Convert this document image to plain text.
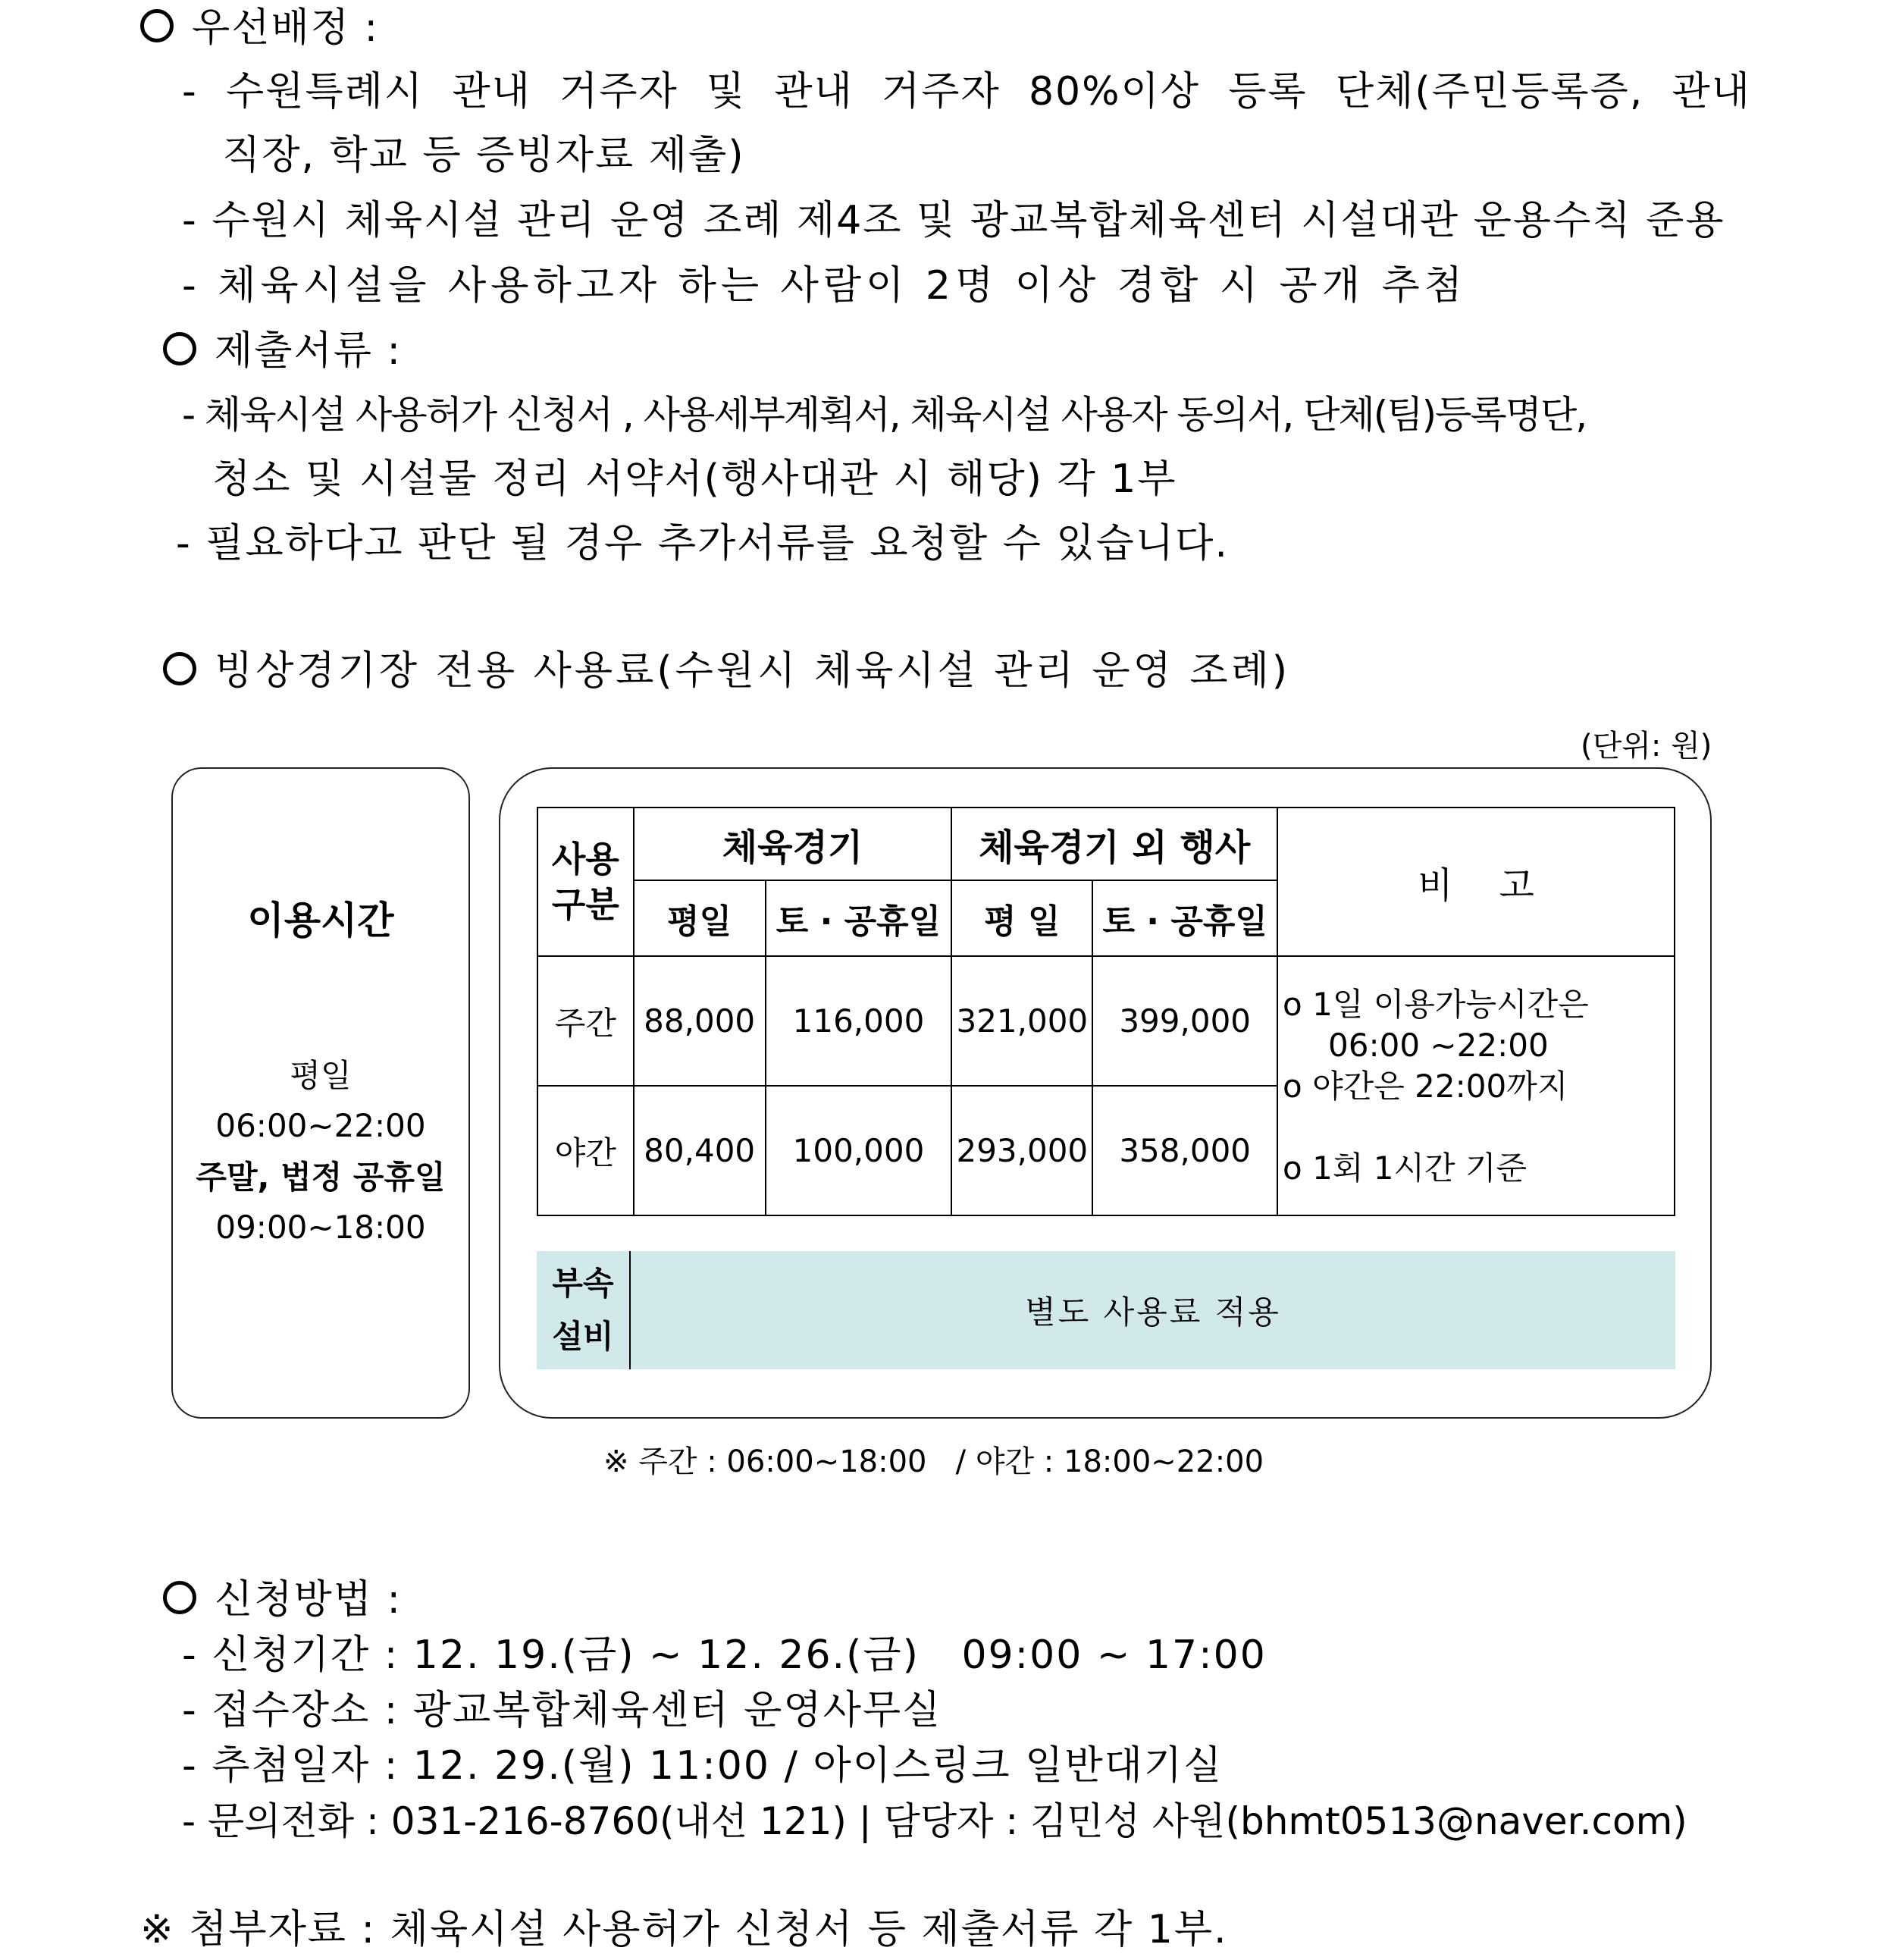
우선배정 :
- 수원특례시 관내 거주자 및 관내 거주자 80%이상 등록 단체(주민등록증, 관내
직장, 학교 등 증빙자료 제출)
- 수원시 체육시설 관리 운영 조례 제4조 및 광교복합체육센터 시설대관 운용수칙 준용
- 체육시설을 사용하고자 하는 사람이 2명 이상 경합 시 공개 추첨
제출서류 :
- 체육시설 사용허가 신청서 , 사용세부계획서, 체육시설 사용자 동의서, 단체(팀)등록명단,
청소 및 시설물 정리 서약서(행사대관 시 해당) 각 1부
- 필요하다고 판단 될 경우 추가서류를 요청할 수 있습니다.
빙상경기장 전용 사용료(수원시 체육시설 관리 운영 조례)
(단위: 원)
이용시간
평일
06:00~22:00
주말, 법정 공휴일
09:00~18:00
사용
구분	체육경기		체육경기 외 행사		비    고
	평일	토 · 공휴일	평 일	토 · 공휴일	
주간	88,000	116,000	321,000	399,000	o 1일 이용가능시간은
06:00 ~22:00
o 야간은 22:00까지
o 1회 1시간 기준

야간	80,400	100,000	293,000	358,000	
부속
설비
별도 사용료 적용
※ 주간 : 06:00~18:00   / 야간 : 18:00~22:00
신청방법 :
- 신청기간 : 12. 19.(금) ~ 12. 26.(금)   09:00 ~ 17:00
- 접수장소 : 광교복합체육센터 운영사무실
- 추첨일자 : 12. 29.(월) 11:00 / 아이스링크 일반대기실
- 문의전화 : 031-216-8760(내선 121) | 담당자 : 김민성 사원(bhmt0513@naver.com)
※ 첨부자료 : 체육시설 사용허가 신청서 등 제출서류 각 1부.
